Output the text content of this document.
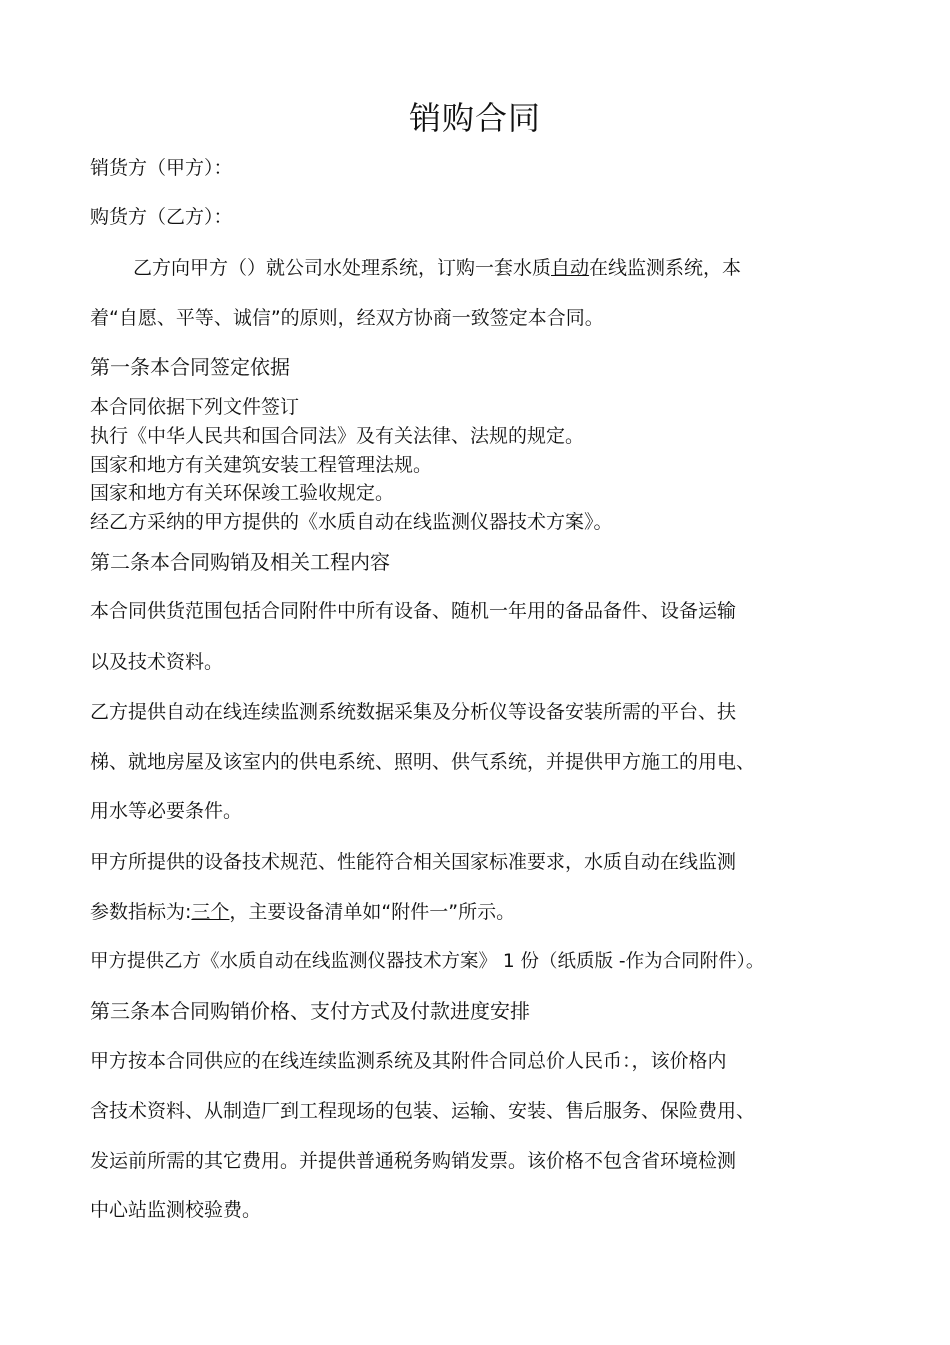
销购合同
销货方（甲方）：
购货方（乙方）：
乙方向甲方（）就公司水处理系统，订购一套水质自动在线监测系统，本
着“自愿、平等、诚信”的原则，经双方协商一致签定本合同。
第一条本合同签定依据
本合同依据下列文件签订
执行《中华人民共和国合同法》及有关法律、法规的规定。
国家和地方有关建筑安装工程管理法规。
国家和地方有关环保竣工验收规定。
经乙方采纳的甲方提供的《水质自动在线监测仪器技术方案》。
第二条本合同购销及相关工程内容
本合同供货范围包括合同附件中所有设备、随机一年用的备品备件、设备运输
以及技术资料。
乙方提供自动在线连续监测系统数据采集及分析仪等设备安装所需的平台、扶
梯、就地房屋及该室内的供电系统、照明、供气系统，并提供甲方施工的用电、
用水等必要条件。
甲方所提供的设备技术规范、性能符合相关国家标准要求，水质自动在线监测
参数指标为:三个，主要设备清单如“附件一”所示。
甲方提供乙方《水质自动在线监测仪器技术方案》 1 份（纸质版 -作为合同附件）。
第三条本合同购销价格、支付方式及付款进度安排
甲方按本合同供应的在线连续监测系统及其附件合同总价人民币：，该价格内
含技术资料、从制造厂到工程现场的包装、运输、安装、售后服务、保险费用、
发运前所需的其它费用。并提供普通税务购销发票。该价格不包含省环境检测
中心站监测校验费。
